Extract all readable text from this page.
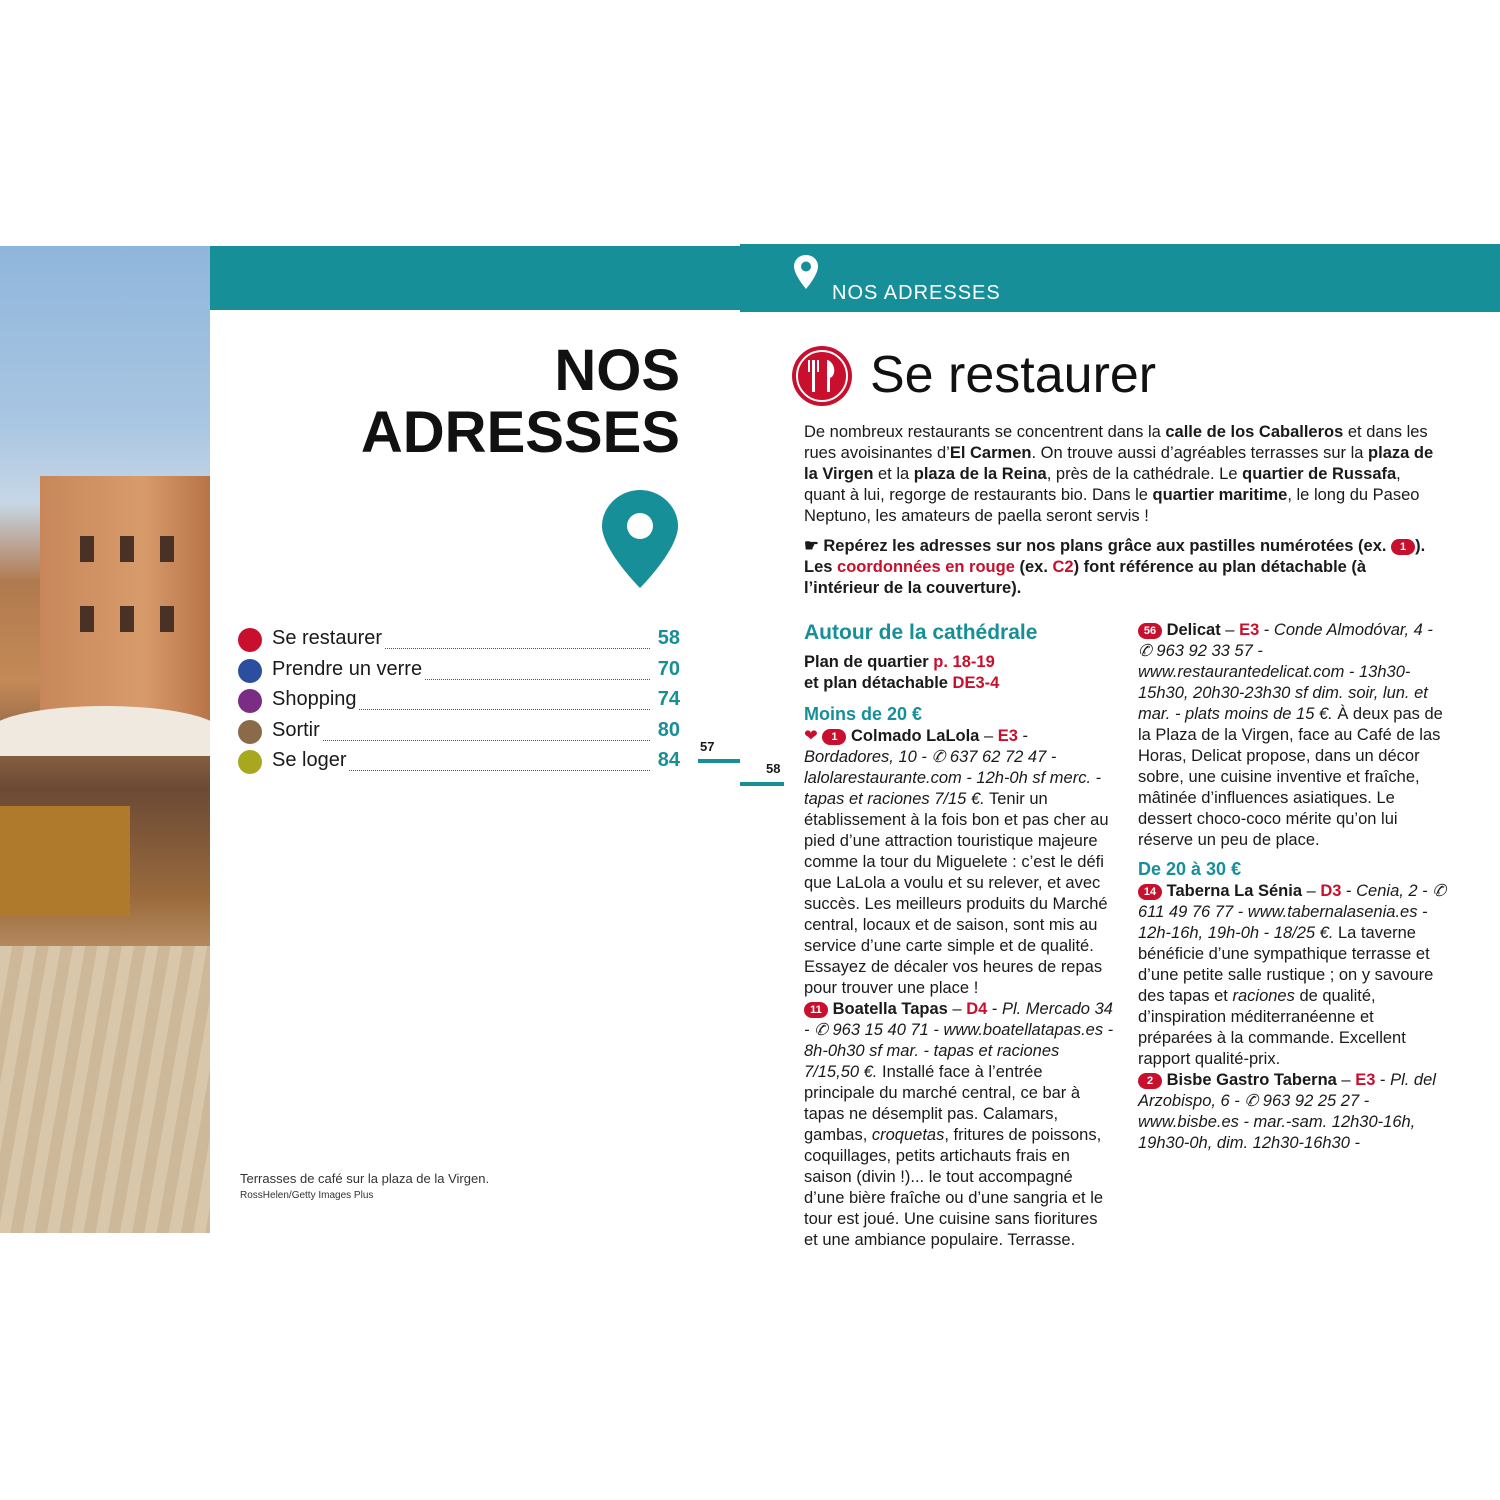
NOS ADRESSES
NOS
ADRESSES
Se restaurer	58
Prendre un verre	70
Shopping	74
Sortir	80
Se loger	84
57
58
Terrasses de café sur la plaza de la Virgen.
RossHelen/Getty Images Plus
Se restaurer
De nombreux restaurants se concentrent dans la calle de los Caballeros et dans les rues avoisinantes d’El Carmen. On trouve aussi d’agréables terrasses sur la plaza de la Virgen et la plaza de la Reina, près de la cathédrale. Le quartier de Russafa, quant à lui, regorge de restaurants bio. Dans le quartier maritime, le long du Paseo Neptuno, les amateurs de paella seront servis !
☛ Repérez les adresses sur nos plans grâce aux pastilles numérotées (ex. 1 ). Les coordonnées en rouge (ex. C2) font référence au plan détachable (à l’intérieur de la couverture).
Autour de la cathédrale
Plan de quartier p. 18-19
et plan détachable DE3-4
Moins de 20 €
❤ 1 Colmado LaLola – E3 - Bordadores, 10 - ✆ 637 62 72 47 - lalolarestaurante.com - 12h-0h sf merc. - tapas et raciones 7/15 €. Tenir un établissement à la fois bon et pas cher au pied d’une attraction touristique majeure comme la tour du Miguelete : c’est le défi que LaLola a voulu et su relever, et avec succès. Les meilleurs produits du Marché central, locaux et de saison, sont mis au service d’une carte simple et de qualité. Essayez de décaler vos heures de repas pour trouver une place !
11 Boatella Tapas – D4 - Pl. Mercado 34 - ✆ 963 15 40 71 - www.boatellatapas.es - 8h-0h30 sf mar. - tapas et raciones 7/15,50 €. Installé face à l’entrée principale du marché central, ce bar à tapas ne désemplit pas. Calamars, gambas, croquetas, fritures de poissons, coquillages, petits artichauts frais en saison (divin !)... le tout accompagné d’une bière fraîche ou d’une sangria et le tour est joué. Une cuisine sans fioritures et une ambiance populaire. Terrasse.
56 Delicat – E3 - Conde Almodóvar, 4 - ✆ 963 92 33 57 - www.restaurantedelicat.com - 13h30-15h30, 20h30-23h30 sf dim. soir, lun. et mar. - plats moins de 15 €. À deux pas de la Plaza de la Virgen, face au Café de las Horas, Delicat propose, dans un décor sobre, une cuisine inventive et fraîche, mâtinée d’influences asiatiques. Le dessert choco-coco mérite qu’on lui réserve un peu de place.
De 20 à 30 €
14 Taberna La Sénia – D3 - Cenia, 2 - ✆ 611 49 76 77 - www.tabernalasenia.es - 12h-16h, 19h-0h - 18/25 €. La taverne bénéficie d’une sympathique terrasse et d’une petite salle rustique ; on y savoure des tapas et raciones de qualité, d’inspiration méditerranéenne et préparées à la commande. Excellent rapport qualité-prix.
2 Bisbe Gastro Taberna – E3 - Pl. del Arzobispo, 6 - ✆ 963 92 25 27 - www.bisbe.es - mar.-sam. 12h30-16h, 19h30-0h, dim. 12h30-16h30 -
